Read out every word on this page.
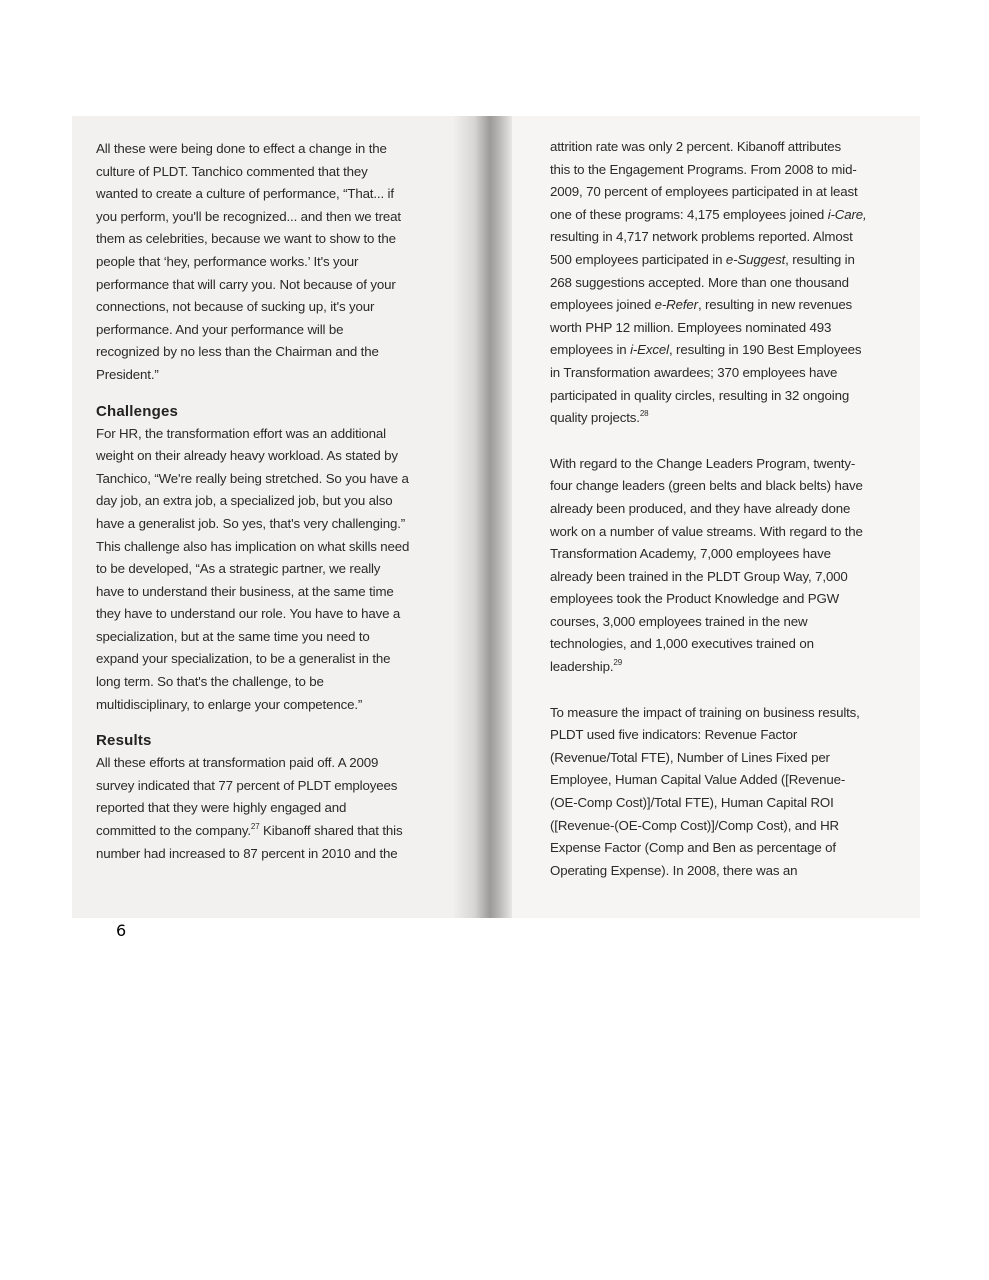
All these were being done to effect a change in the
culture of PLDT. Tanchico commented that they
wanted to create a culture of performance, “That... if
you perform, you'll be recognized... and then we treat
them as celebrities, because we want to show to the
people that ‘hey, performance works.’ It's your
performance that will carry you. Not because of your
connections, not because of sucking up, it's your
performance. And your performance will be
recognized by no less than the Chairman and the
President.”

Challenges

For HR, the transformation effort was an additional
weight on their already heavy workload. As stated by
Tanchico, “We're really being stretched. So you have a
day job, an extra job, a specialized job, but you also
have a generalist job. So yes, that's very challenging.”
This challenge also has implication on what skills need
to be developed, “As a strategic partner, we really
have to understand their business, at the same time
they have to understand our role. You have to have a
specialization, but at the same time you need to
expand your specialization, to be a generalist in the
long term. So that's the challenge, to be
multidisciplinary, to enlarge your competence.”

Results

All these efforts at transformation paid off. A 2009
survey indicated that 77 percent of PLDT employees
reported that they were highly engaged and
committed to the company.$^{27}$ Kibanoff shared that this
number had increased to 87 percent in 2010 and the

attrition rate was only 2 percent. Kibanoff attributes
this to the Engagement Programs. From 2008 to mid-
2009, 70 percent of employees participated in at least
one of these programs: 4,175 employees joined i-Care,
resulting in 4,717 network problems reported. Almost
500 employees participated in e-Suggest, resulting in
268 suggestions accepted. More than one thousand
employees joined e-Refer, resulting in new revenues
worth PHP 12 million. Employees nominated 493
employees in i-Excel, resulting in 190 Best Employees
in Transformation awardees; 370 employees have
participated in quality circles, resulting in 32 ongoing
quality projects.$^{28}$

With regard to the Change Leaders Program, twenty-
four change leaders (green belts and black belts) have
already been produced, and they have already done
work on a number of value streams. With regard to the
Transformation Academy, 7,000 employees have
already been trained in the PLDT Group Way, 7,000
employees took the Product Knowledge and PGW
courses, 3,000 employees trained in the new
technologies, and 1,000 executives trained on
leadership.$^{29}$

To measure the impact of training on business results,
PLDT used five indicators: Revenue Factor
(Revenue/Total FTE), Number of Lines Fixed per
Employee, Human Capital Value Added ([Revenue-
(OE-Comp Cost)]/Total FTE), Human Capital ROI
([Revenue-(OE-Comp Cost)]/Comp Cost), and HR
Expense Factor (Comp and Ben as percentage of
Operating Expense). In 2008, there was an

6
